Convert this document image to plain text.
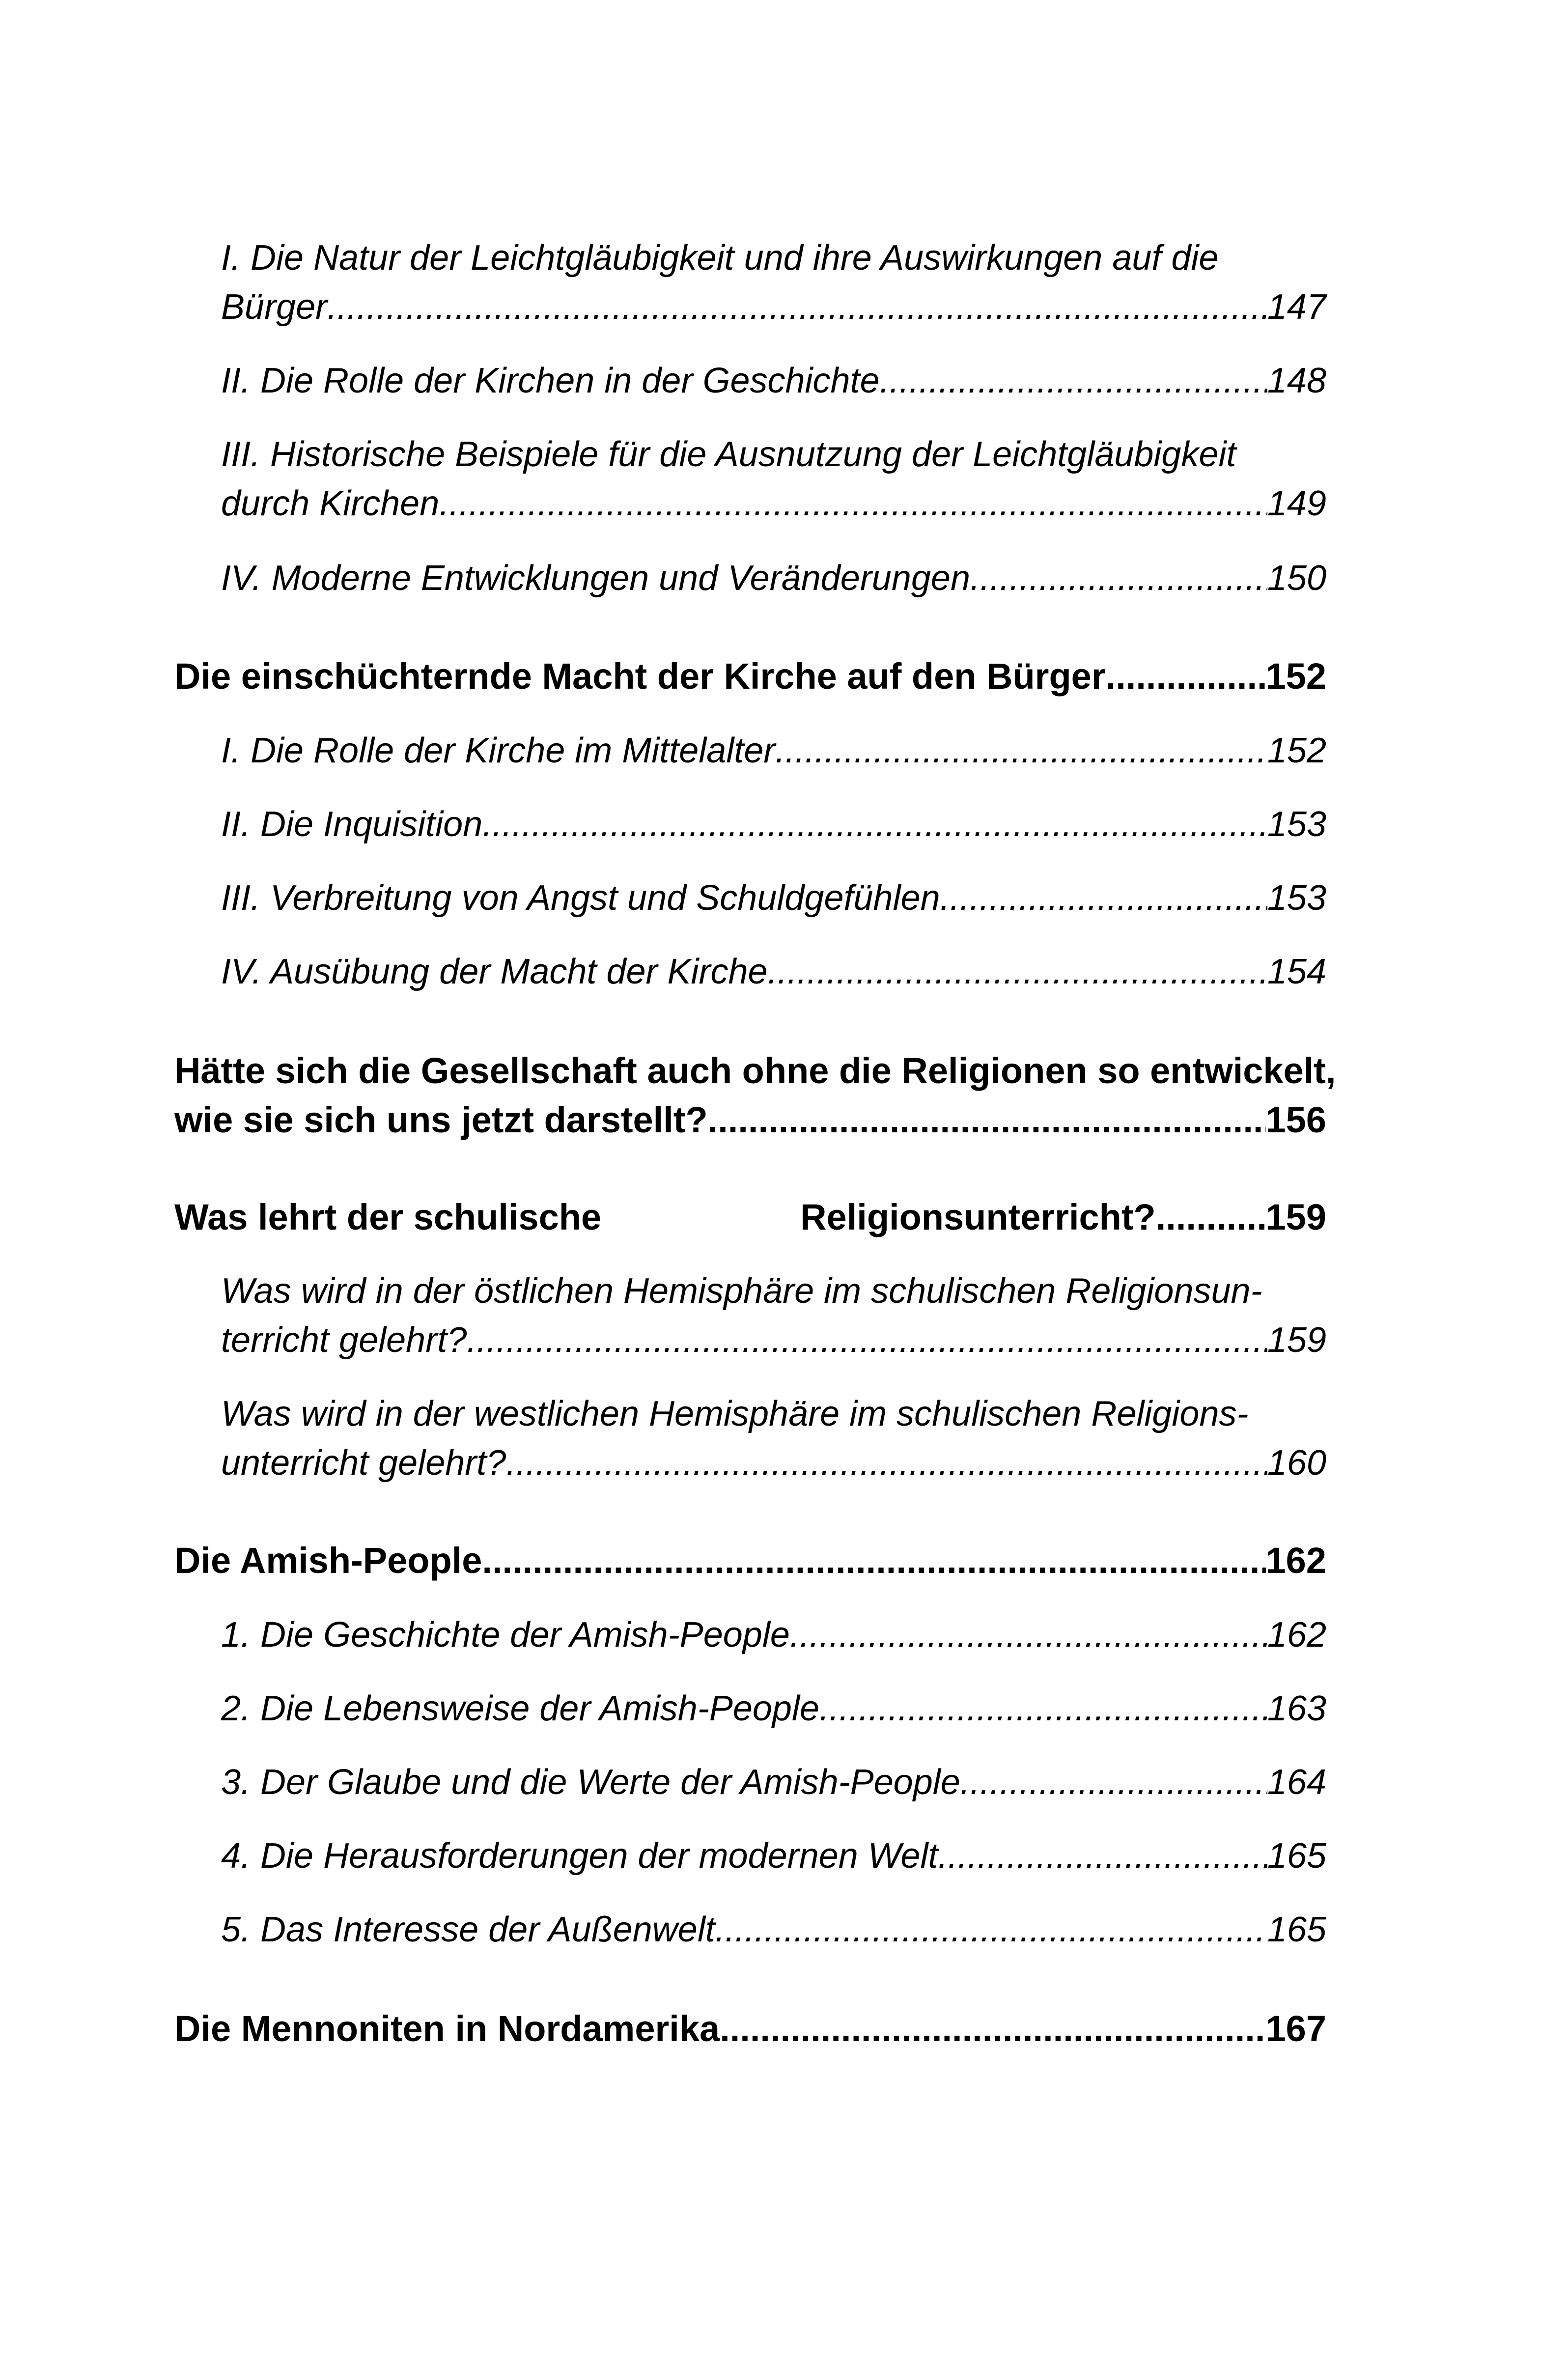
I. Die Natur der Leichtgläubigkeit und ihre Auswirkungen auf die
Bürger .....	147
II. Die Rolle der Kirchen in der Geschichte .....	148
III. Historische Beispiele für die Ausnutzung der Leichtgläubigkeit
durch Kirchen .....	149
IV. Moderne Entwicklungen und Veränderungen .....	150
Die einschüchternde Macht der Kirche auf den Bürger .....	152
I. Die Rolle der Kirche im Mittelalter .....	152
II. Die Inquisition .....	153
III. Verbreitung von Angst und Schuldgefühlen .....	153
IV. Ausübung der Macht der Kirche .....	154
Hätte sich die Gesellschaft auch ohne die Religionen so entwickelt,
wie sie sich uns jetzt darstellt? .....	156
Was lehrt der schulische	Religionsunterricht? .....	159
Was wird in der östlichen Hemisphäre im schulischen Religionsun-
terricht gelehrt? .....	159
Was wird in der westlichen Hemisphäre im schulischen Religions-
unterricht gelehrt? .....	160
Die Amish-People .....	162
1. Die Geschichte der Amish-People .....	162
2. Die Lebensweise der Amish-People .....	163
3. Der Glaube und die Werte der Amish-People .....	164
4. Die Herausforderungen der modernen Welt .....	165
5. Das Interesse der Außenwelt .....	165
Die Mennoniten in Nordamerika .....	167
